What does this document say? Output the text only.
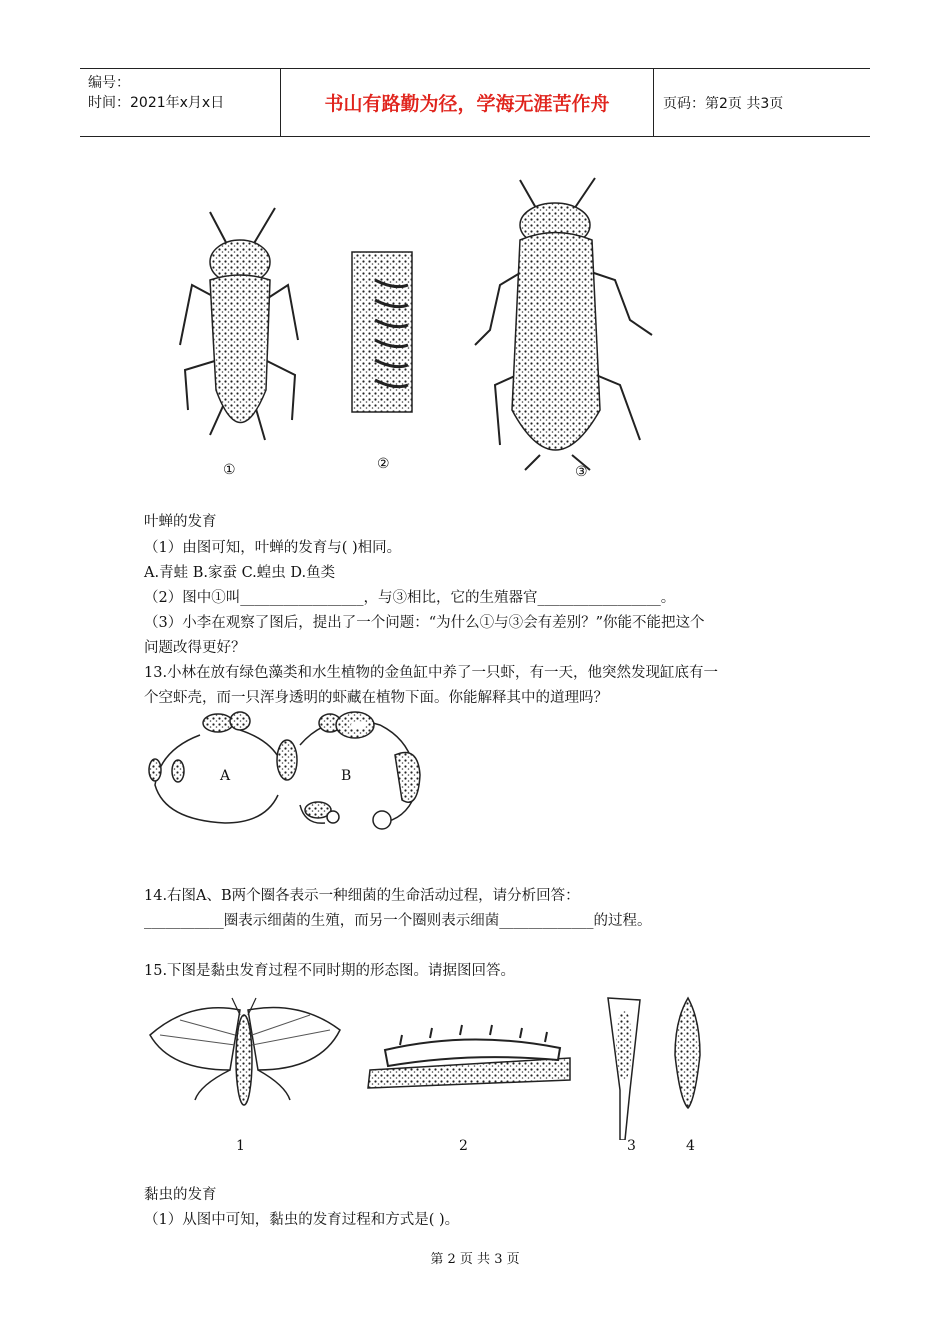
编号：
时间：2021年x月x日	书山有路勤为径，学海无涯苦作舟	页码：第2页 共3页
①	②	③
叶蝉的发育
（1）由图可知，叶蝉的发育与( )相同。
A.青蛙 B.家蚕 C.蝗虫 D.鱼类
（2）图中①叫_________________，与③相比，它的生殖器官_________________。
（3）小李在观察了图后，提出了一个问题：“为什么①与③会有差别？”你能不能把这个
问题改得更好？
13.小林在放有绿色藻类和水生植物的金鱼缸中养了一只虾，有一天，他突然发现缸底有一
个空虾壳，而一只浑身透明的虾藏在植物下面。你能解释其中的道理吗？
A	B
14.右图A、B两个圈各表示一种细菌的生命活动过程，请分析回答：
___________圈表示细菌的生殖，而另一个圈则表示细菌_____________的过程。
15.下图是黏虫发育过程不同时期的形态图。请据图回答。
1	2	3	4
黏虫的发育
（1）从图中可知，黏虫的发育过程和方式是( )。
第 2 页 共 3 页
